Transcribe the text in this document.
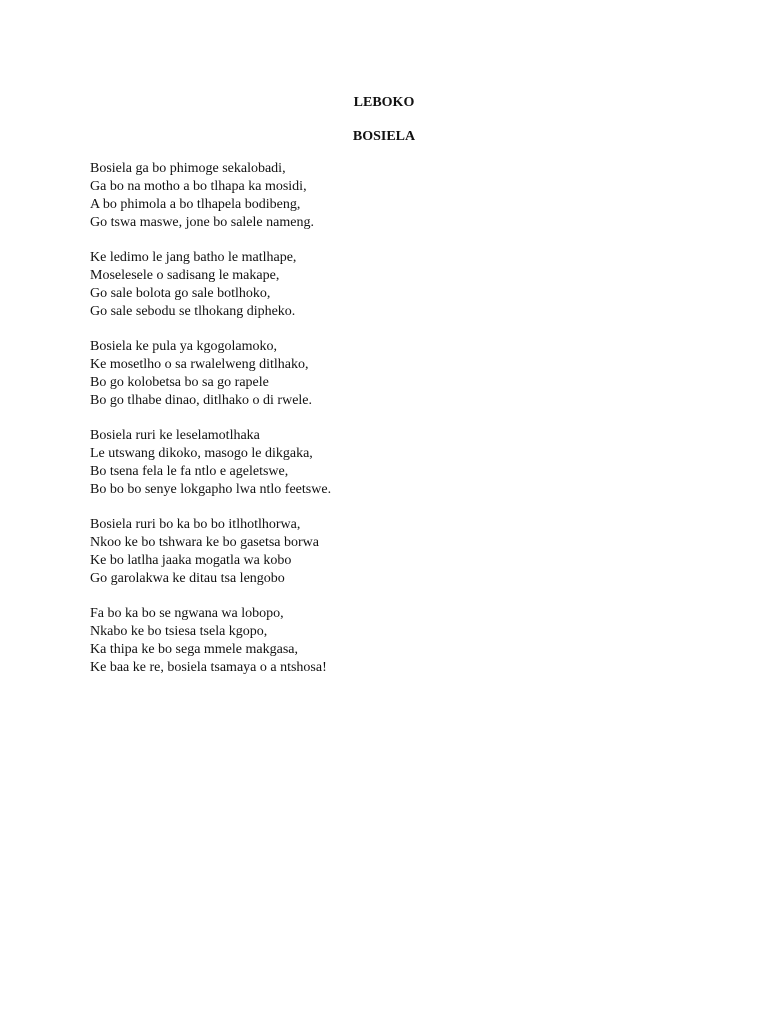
LEBOKO
BOSIELA
Bosiela ga bo phimoge sekalobadi,
Ga bo na motho a bo tlhapa ka mosidi,
A bo phimola a bo tlhapela bodibeng,
Go tswa maswe, jone bo salele nameng.
Ke ledimo le jang batho le matlhape,
Moselesele o sadisang le makape,
Go sale bolota go sale botlhoko,
Go sale sebodu se tlhokang dipheko.
Bosiela ke pula ya kgogolamoko,
Ke mosetlho o sa rwalelweng ditlhako,
Bo go kolobetsa bo sa go rapele
Bo go tlhabe dinao, ditlhako o di rwele.
Bosiela ruri ke leselamotlhaka
Le utswang dikoko, masogo le dikgaka,
Bo tsena fela le fa ntlo e ageletswe,
Bo bo bo senye lokgapho lwa ntlo feetswe.
Bosiela ruri bo ka bo bo itlhotlhorwa,
Nkoo ke bo tshwara ke bo gasetsa borwa
Ke bo latlha jaaka mogatla wa kobo
Go garolakwa ke ditau tsa lengobo
Fa bo ka bo se ngwana wa lobopo,
Nkabo ke bo tsiesa tsela kgopo,
Ka thipa ke bo sega mmele makgasa,
Ke baa ke re, bosiela tsamaya o a ntshosa!
